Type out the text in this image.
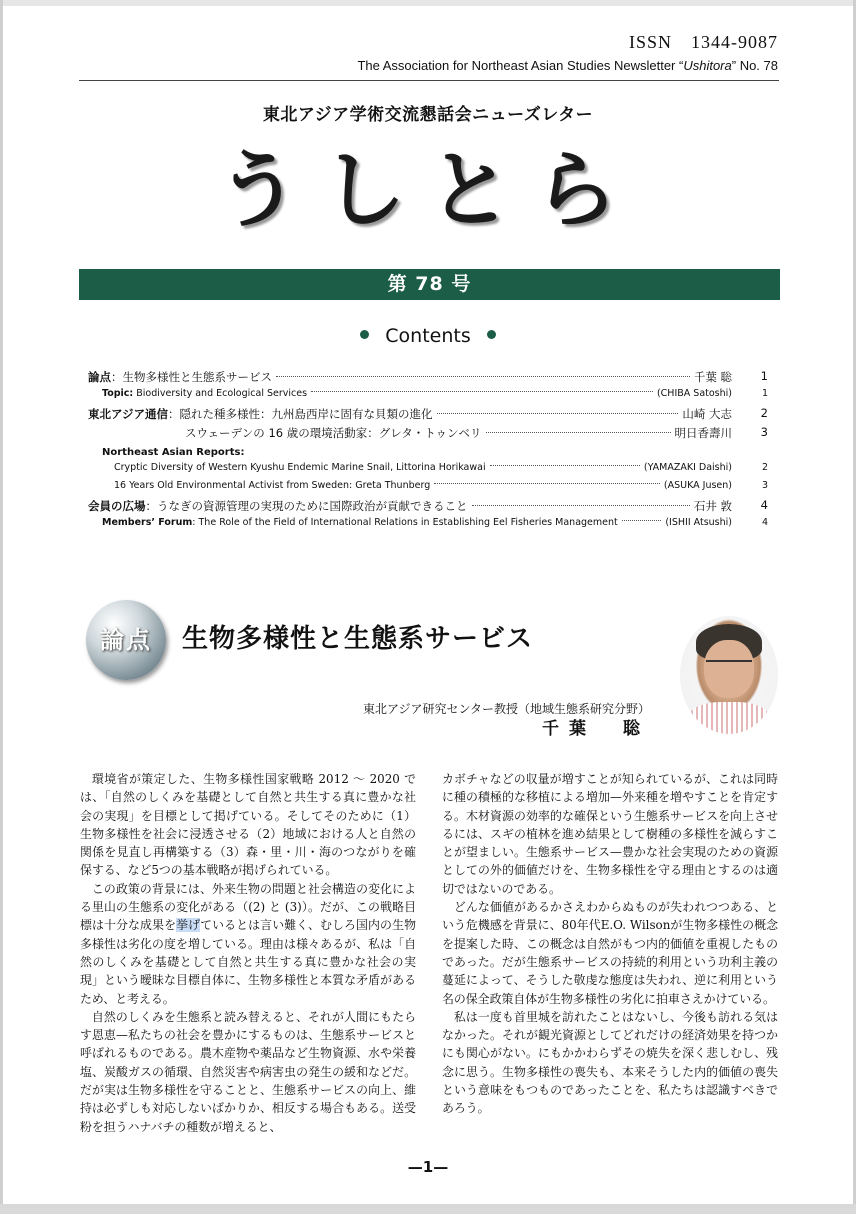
ISSN　1344-9087
The Association for Northeast Asian Studies Newsletter “Ushitora” No. 78
東北アジア学術交流懇話会ニューズレター
うしとら
第 78 号
Contents
論点：生物多様性と生態系サービス	千葉 聡 1
Topic: Biodiversity and Ecological Services	(CHIBA Satoshi)	1
東北アジア通信：隠れた種多様性：九州島西岸に固有な貝類の進化	山崎 大志 2
スウェーデンの 16 歳の環境活動家：グレタ・トゥンベリ	明日香壽川 3
Northeast Asian Reports:
Cryptic Diversity of Western Kyushu Endemic Marine Snail, Littorina Horikawai	(YAMAZAKI Daishi)	2
16 Years Old Environmental Activist from Sweden: Greta Thunberg	(ASUKA Jusen)	3
会員の広場：うなぎの資源管理の実現のために国際政治が貢献できること	石井 敦 4
Members’ Forum: The Role of the Field of International Relations in Establishing Eel Fisheries Management	(ISHII Atsushi)	4
論点	生物多様性と生態系サービス
東北アジア研究センター教授（地域生態系研究分野）
千葉　聡

環境省が策定した、生物多様性国家戦略 2012 ～ 2020 では、「自然のしくみを基礎として自然と共生する真に豊かな社会の実現」を目標として掲げている。そしてそのために（1）生物多様性を社会に浸透させる（2）地域における人と自然の関係を見直し再構築する（3）森・里・川・海のつながりを確保する、など5つの基本戦略が掲げられている。

この政策の背景には、外来生物の問題と社会構造の変化による里山の生態系の変化がある（(2) と (3)）。だが、この戦略目標は十分な成果を挙げているとは言い難く、むしろ国内の生物多様性は劣化の度を増している。理由は様々あるが、私は「自然のしくみを基礎として自然と共生する真に豊かな社会の実現」という曖昧な目標自体に、生物多様性と本質な矛盾があるため、と考える。

自然のしくみを生態系と読み替えると、それが人間にもたらす恩恵—私たちの社会を豊かにするものは、生態系サービスと呼ばれるものである。農木産物や薬品など生物資源、水や栄養塩、炭酸ガスの循環、自然災害や病害虫の発生の緩和などだ。だが実は生物多様性を守ることと、生態系サービスの向上、維持は必ずしも対応しないばかりか、相反する場合もある。送受粉を担うハナバチの種数が増えると、

カボチャなどの収量が増すことが知られているが、これは同時に種の積極的な移植による増加—外来種を増やすことを肯定する。木材資源の効率的な確保という生態系サービスを向上させるには、スギの植林を進め結果として樹種の多様性を減らすことが望ましい。生態系サービス—豊かな社会実現のための資源としての外的価値だけを、生物多様性を守る理由とするのは適切ではないのである。

どんな価値があるかさえわからぬものが失われつつある、という危機感を背景に、80年代E.O. Wilsonが生物多様性の概念を提案した時、この概念は自然がもつ内的価値を重視したものであった。だが生態系サービスの持続的利用という功利主義の蔓延によって、そうした敬虔な態度は失われ、逆に利用という名の保全政策自体が生物多様性の劣化に拍車さえかけている。

私は一度も首里城を訪れたことはないし、今後も訪れる気はなかった。それが観光資源としてどれだけの経済効果を持つかにも関心がない。にもかかわらずその焼失を深く悲しむし、残念に思う。生物多様性の喪失も、本来そうした内的価値の喪失という意味をもつものであったことを、私たちは認識すべきであろう。

—1—
